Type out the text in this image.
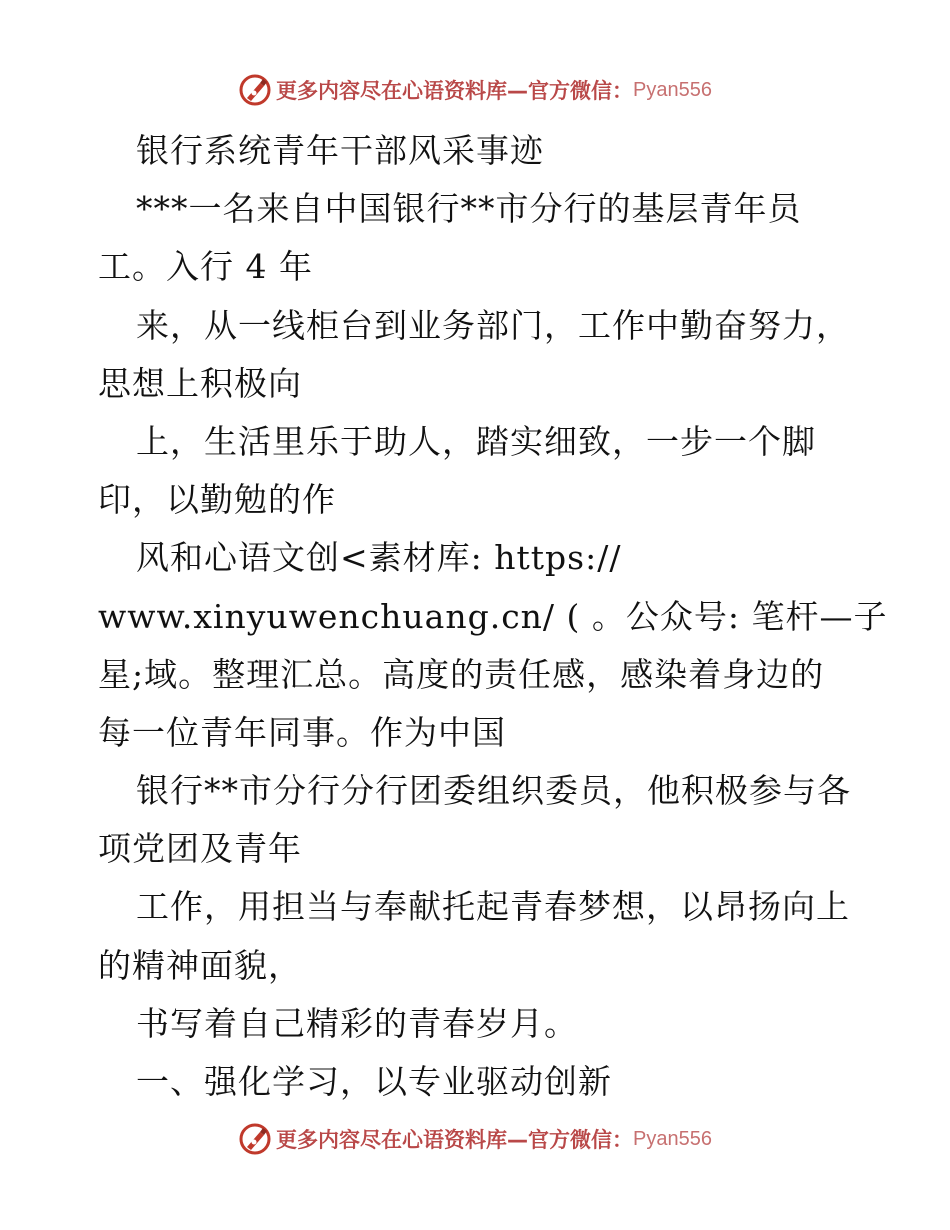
更多内容尽在心语资料库—官方微信： Pyan556
银行系统青年干部风采事迹
***一名来自中国银行**市分行的基层青年员
工。入行 4 年
来，从一线柜台到业务部门，工作中勤奋努力，
思想上积极向
上，生活里乐于助人，踏实细致，一步一个脚
印，以勤勉的作
风和心语文创<素材库: https://
www.xinyuwenchuang.cn/ ( 。公众号: 笔杆—子
星;域。整理汇总。高度的责任感，感染着身边的
每一位青年同事。作为中国
银行**市分行分行团委组织委员，他积极参与各
项党团及青年
工作，用担当与奉献托起青春梦想，以昂扬向上
的精神面貌，
书写着自己精彩的青春岁月。
一、强化学习，以专业驱动创新
更多内容尽在心语资料库—官方微信： Pyan556
